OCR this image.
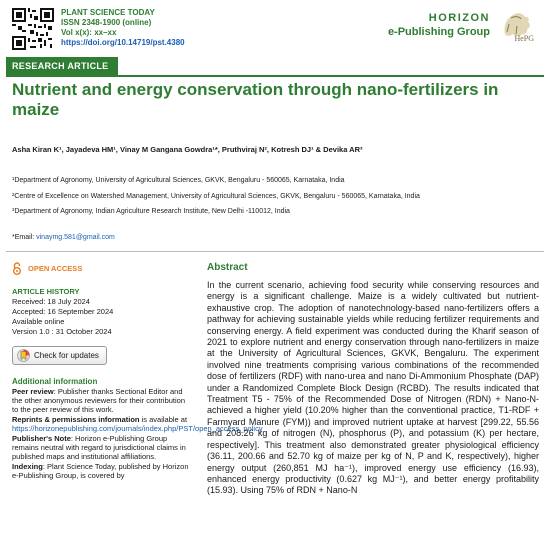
PLANT SCIENCE TODAY
ISSN 2348-1900 (online)
Vol x(x): xx–xx
https://doi.org/10.14719/pst.4380
HORIZON
e-Publishing Group
HePG
RESEARCH ARTICLE
Nutrient and energy conservation through nano-fertilizers in maize
Asha Kiran K¹, Jayadeva HM¹, Vinay M Gangana Gowdra¹*, Pruthviraj N², Kotresh DJ¹ & Devika AR³
¹Department of Agronomy, University of Agricultural Sciences, GKVK, Bengaluru - 560065, Karnataka, India
²Centre of Excellence on Watershed Management, University of Agricultural Sciences, GKVK, Bengaluru - 560065, Karnataka, India
³Department of Agronomy, Indian Agriculture Research Institute, New Delhi -110012, India
*Email: vinaymg.581@gmail.com
OPEN ACCESS
ARTICLE HISTORY

Received: 18 July 2024

Accepted: 16 September 2024

Available online

Version 1.0 : 31 October 2024

Check for updates
Additional information

Peer review: Publisher thanks Sectional Editor and the other anonymous reviewers for their contribution to the peer review of this work.

Reprints & permissions information is available at https://horizonepublishing.com/journals/index.php/PST/open_access_policy

Publisher's Note: Horizon e-Publishing Group remains neutral with regard to jurisdictional claims in published maps and institutional affiliations.

Indexing: Plant Science Today, published by Horizon e-Publishing Group, is covered by

Abstract

In the current scenario, achieving food security while conserving resources and energy is a significant challenge. Maize is a widely cultivated but nutrient-exhaustive crop. The adoption of nanotechnology-based nano-fertilizers offers a pathway for achieving sustainable yields while reducing fertilizer requirements and conserving energy. A field experiment was conducted during the Kharif season of 2021 to explore nutrient and energy conservation through nano-fertilizers in maize at the University of Agricultural Sciences, GKVK, Bengaluru. The experiment involved nine treatments comprising various combinations of the recommended dose of fertilizers (RDF) with nano-urea and nano Di-Ammonium Phosphate (DAP) under a Randomized Complete Block Design (RCBD). The results indicated that Treatment T5 - 75% of the Recommended Dose of Nitrogen (RDN) + Nano-N-achieved a higher yield (10.20% higher than the conventional practice, T1-RDF + Farmyard Manure (FYM)) and improved nutrient uptake at harvest [299.22, 55.56 and 208.26 kg of nitrogen (N), phosphorus (P), and potassium (K) per hectare, respectively]. This treatment also demonstrated greater physiological efficiency (36.11, 200.66 and 52.70 kg of maize per kg of N, P and K, respectively), higher energy output (260,851 MJ ha⁻¹), improved energy use efficiency (16.93), enhanced energy productivity (0.627 kg MJ⁻¹), and better energy profitability (15.93). Using 75% of RDN + Nano-N
